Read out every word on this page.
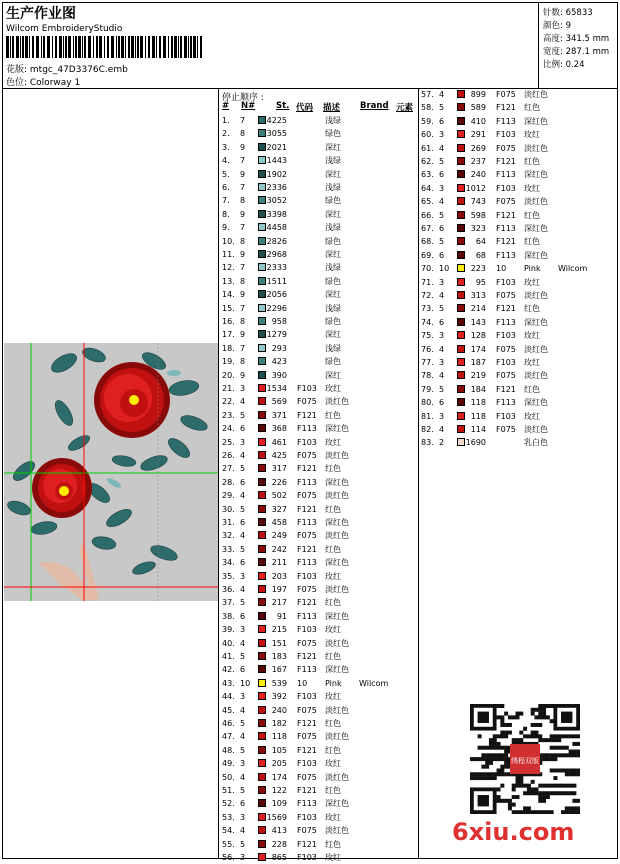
生产作业图
Wilcom EmbroideryStudio
花版: mtgc_47D3376C.emb
色位: Colorway 1
针数: 65833
颜色: 9
高度: 341.5 mm
宽度: 287.1 mm
比例: 0.24
停止顺序 :
# N# St. 代码 描述 Brand 元素
1. 7	4225	浅绿
2. 8	3055	绿色
3. 9	2021	深红
4. 7	1443	浅绿
5. 9	1902	深红
6. 7	2336	浅绿
7. 8	3052	绿色
8. 9	3398	深红
9. 7	4458	浅绿
10. 8	2826	绿色
11. 9	2968	深红
12. 7	2333	浅绿
13. 8	1511	绿色
14. 9	2056	深红
15. 7	2296	浅绿
16. 8	958	绿色
17. 9	1279	深红
18. 7	293	浅绿
19. 8	423	绿色
20. 9	390	深红
21. 3	1534 F103 玫红
22. 4	569 F075 淡红色
23. 5	371 F121 红色
24. 6	368 F113 深红色
25. 3	461 F103 玫红
26. 4	425 F075 淡红色
27. 5	317 F121 红色
28. 6	226 F113 深红色
29. 4	502 F075 淡红色
30. 5	327 F121 红色
31. 6	458 F113 深红色
32. 4	249 F075 淡红色
33. 5	242 F121 红色
34. 6	211 F113 深红色
35. 3	203 F103 玫红
36. 4	197 F075 淡红色
37. 5	217 F121 红色
38. 6	91 F113 深红色
39. 3	215 F103 玫红
40. 4	151 F075 淡红色
41. 5	183 F121 红色
42. 6	167 F113 深红色
43. 10	539 10 Pink Wilcom
44. 3	392 F103 玫红
45. 4	240 F075 淡红色
46. 5	182 F121 红色
47. 4	118 F075 淡红色
48. 5	105 F121 红色
49. 3	205 F103 玫红
50. 4	174 F075 淡红色
51. 5	122 F121 红色
52. 6	109 F113 深红色
53. 3	1569 F103 玫红
54. 4	413 F075 淡红色
55. 5	228 F121 红色
56. 3	865 F103 玫红
57. 4	899 F075 淡红色
58. 5	589 F121 红色
59. 6	410 F113 深红色
60. 3	291 F103 玫红
61. 4	269 F075 淡红色
62. 5	237 F121 红色
63. 6	240 F113 深红色
64. 3	1012 F103 玫红
65. 4	743 F075 淡红色
66. 5	598 F121 红色
67. 6	323 F113 深红色
68. 5	64 F121 红色
69. 6	68 F113 深红色
70. 10	223 10 Pink Wilcom
71. 3	95 F103 玫红
72. 4	313 F075 淡红色
73. 5	214 F121 红色
74. 6	143 F113 深红色
75. 3	128 F103 玫红
76. 4	174 F075 淡红色
77. 3	187 F103 玫红
78. 4	219 F075 淡红色
79. 5	184 F121 红色
80. 6	118 F113 深红色
81. 3	118 F103 玫红
82. 4	114 F075 淡红色
83. 2	1690	乳白色
绣程双版
6xiu.com
